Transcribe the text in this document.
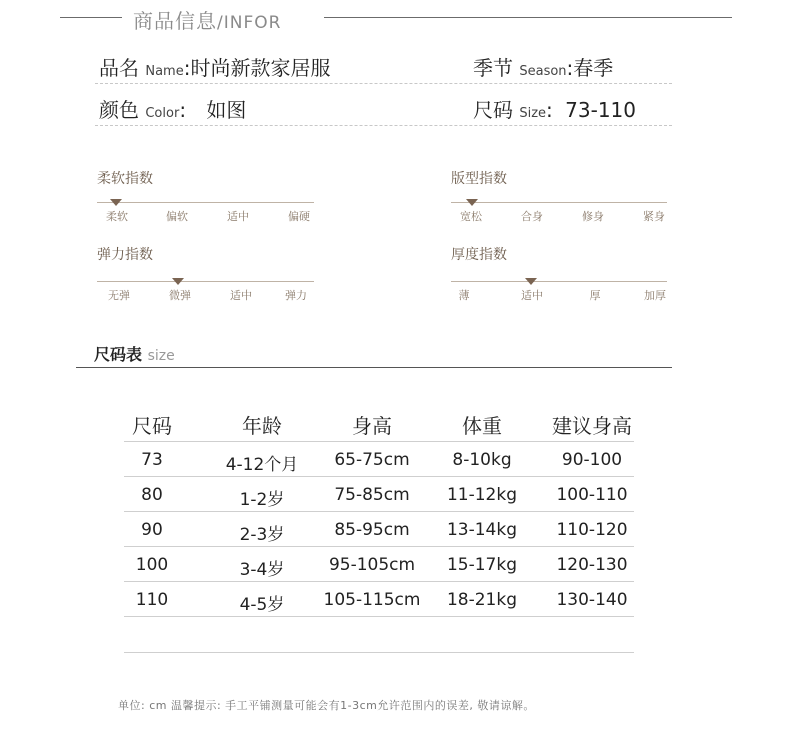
商品信息/INFOR
品名 Name:时尚新款家居服	季节 Season:春季
颜色 Color: 如图	尺码 Size: 73-110
柔软指数
柔软	偏软	适中	偏硬
版型指数
宽松	合身	修身	紧身
弹力指数
无弹	微弹	适中	弹力
厚度指数
薄	适中	厚	加厚
尺码表 size
尺码	年龄	身高	体重	建议身高
73	4-12个月 65-75cm	8-10kg	90-100
80	1-2岁	75-85cm 11-12kg 100-110
90	2-3岁	85-95cm 13-14kg 110-120
100	3-4岁	95-105cm 15-17kg 120-130
110	4-5岁 105-115cm 18-21kg 130-140
单位: cm 温馨提示: 手工平铺测量可能会有1-3cm允许范围内的误差, 敬请谅解。
